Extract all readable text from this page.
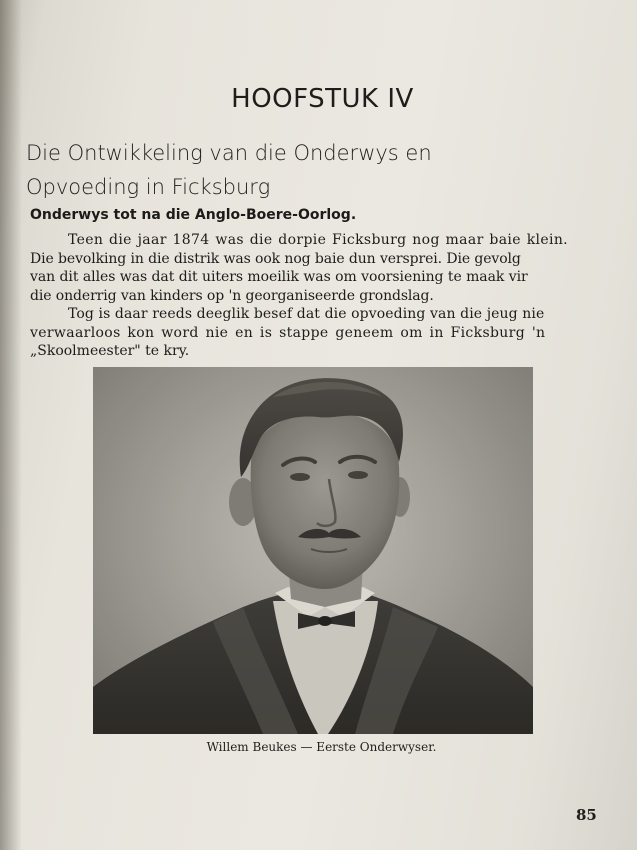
HOOFSTUK IV
Die Ontwikkeling van die Onderwys en
Opvoeding in Ficksburg
Onderwys tot na die Anglo-Boere-Oorlog.
Teen die jaar 1874 was die dorpie Ficksburg nog maar baie klein.
Die bevolking in die distrik was ook nog baie dun versprei. Die gevolg
van dit alles was dat dit uiters moeilik was om voorsiening te maak vir
die onderrig van kinders op 'n georganiseerde grondslag.
Tog is daar reeds deeglik besef dat die opvoeding van die jeug nie
verwaarloos kon word nie en is stappe geneem om in Ficksburg 'n
„Skoolmeester" te kry.
Willem Beukes — Eerste Onderwyser.
85
